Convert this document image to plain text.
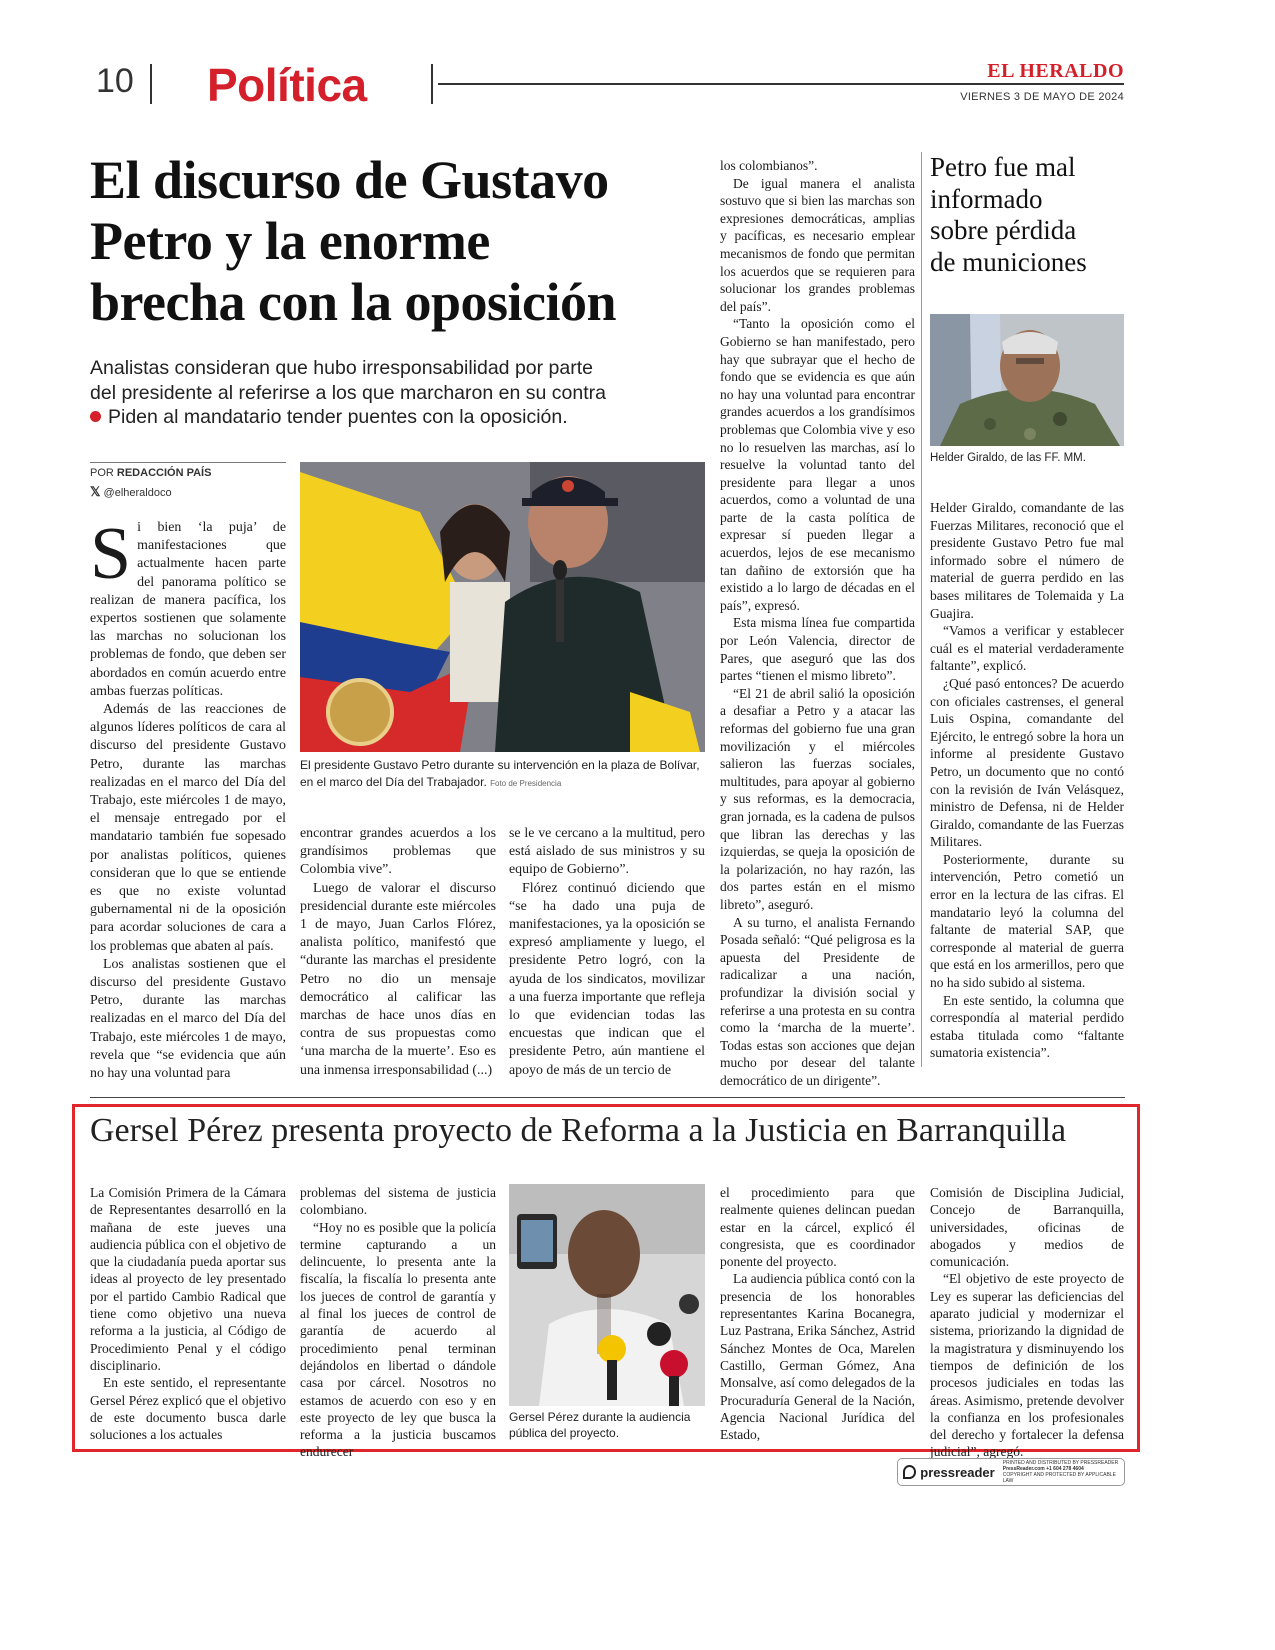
10 Política	EL HERALDO
VIERNES 3 DE MAYO DE 2024
El discurso de Gustavo
Petro y la enorme
brecha con la oposición
Analistas consideran que hubo irresponsabilidad por parte
del presidente al referirse a los que marcharon en su contra
Piden al mandatario tender puentes con la oposición.
POR REDACCIÓN PAÍS
𝕏 @elheraldoco
S i bien ‘la puja’ de manifestaciones que actualmente hacen parte del panorama político se realizan de manera pacífica, los expertos sostienen que solamente las marchas no solucionan los problemas de fondo, que deben ser abordados en común acuerdo entre ambas fuerzas políticas.

Además de las reacciones de algunos líderes políticos de cara al discurso del presidente Gustavo Petro, durante las marchas realizadas en el marco del Día del Trabajo, este miércoles 1 de mayo, el mensaje entregado por el mandatario también fue sopesado por analistas políticos, quienes consideran que lo que se entiende es que no existe voluntad gubernamental ni de la oposición para acordar soluciones de cara a los problemas que abaten al país.

Los analistas sostienen que el discurso del presidente Gustavo Petro, durante las marchas realizadas en el marco del Día del Trabajo, este miércoles 1 de mayo, revela que “se evidencia que aún no hay una voluntad para

El presidente Gustavo Petro durante su intervención en la plaza de Bolívar, en el marco del Día del Trabajador. Foto de Presidencia

encontrar grandes acuerdos a los grandísimos problemas que Colombia vive”.

Luego de valorar el discurso presidencial durante este miércoles 1 de mayo, Juan Carlos Flórez, analista político, manifestó que “durante las marchas el presidente Petro no dio un mensaje democrático al calificar las marchas de hace unos días en contra de sus propuestas como ‘una marcha de la muerte’. Eso es una inmensa irresponsabilidad (...)

se le ve cercano a la multitud, pero está aislado de sus ministros y su equipo de Gobierno”.

Flórez continuó diciendo que “se ha dado una puja de manifestaciones, ya la oposición se expresó ampliamente y luego, el presidente Petro logró, con la ayuda de los sindicatos, movilizar a una fuerza importante que refleja lo que evidencian todas las encuestas que indican que el presidente Petro, aún mantiene el apoyo de más de un tercio de

los colombianos”.

De igual manera el analista sostuvo que si bien las marchas son expresiones democráticas, amplias y pacíficas, es necesario emplear mecanismos de fondo que permitan los acuerdos que se requieren para solucionar los grandes problemas del país”.

“Tanto la oposición como el Gobierno se han manifestado, pero hay que subrayar que el hecho de fondo que se evidencia es que aún no hay una voluntad para encontrar grandes acuerdos a los grandísimos problemas que Colombia vive y eso no lo resuelven las marchas, así lo resuelve la voluntad tanto del presidente para llegar a unos acuerdos, como a voluntad de una parte de la casta política de expresar sí pueden llegar a acuerdos, lejos de ese mecanismo tan dañino de extorsión que ha existido a lo largo de décadas en el país”, expresó.

Esta misma línea fue compartida por León Valencia, director de Pares, que aseguró que las dos partes “tienen el mismo libreto”.

“El 21 de abril salió la oposición a desafiar a Petro y a atacar las reformas del gobierno fue una gran movilización y el miércoles salieron las fuerzas sociales, multitudes, para apoyar al gobierno y sus reformas, es la democracia, gran jornada, es la cadena de pulsos que libran las derechas y las izquierdas, se queja la oposición de la polarización, no hay razón, las dos partes están en el mismo libreto”, aseguró.

A su turno, el analista Fernando Posada señaló: “Qué peligrosa es la apuesta del Presidente de radicalizar a una nación, profundizar la división social y referirse a una protesta en su contra como la ‘marcha de la muerte’. Todas estas son acciones que dejan mucho por desear del talante democrático de un dirigente”.

Petro fue mal
informado
sobre pérdida
de municiones
Helder Giraldo, de las FF. MM.

Helder Giraldo, comandante de las Fuerzas Militares, reconoció que el presidente Gustavo Petro fue mal informado sobre el número de material de guerra perdido en las bases militares de Tolemaida y La Guajira.

“Vamos a verificar y establecer cuál es el material verdaderamente faltante”, explicó.

¿Qué pasó entonces? De acuerdo con oficiales castrenses, el general Luis Ospina, comandante del Ejército, le entregó sobre la hora un informe al presidente Gustavo Petro, un documento que no contó con la revisión de Iván Velásquez, ministro de Defensa, ni de Helder Giraldo, comandante de las Fuerzas Militares.

Posteriormente, durante su intervención, Petro cometió un error en la lectura de las cifras. El mandatario leyó la columna del faltante de material SAP, que corresponde al material de guerra que está en los armerillos, pero que no ha sido subido al sistema.

En este sentido, la columna que correspondía al material perdido estaba titulada como “faltante sumatoria existencia”.

Gersel Pérez presenta proyecto de Reforma a la Justicia en Barranquilla

La Comisión Primera de la Cámara de Representantes desarrolló en la mañana de este jueves una audiencia pública con el objetivo de que la ciudadanía pueda aportar sus ideas al proyecto de ley presentado por el partido Cambio Radical que tiene como objetivo una nueva reforma a la justicia, al Código de Procedimiento Penal y el código disciplinario.

En este sentido, el representante Gersel Pérez explicó que el objetivo de este documento busca darle soluciones a los actuales

problemas del sistema de justicia colombiano.

“Hoy no es posible que la policía termine capturando a un delincuente, lo presenta ante la fiscalía, la fiscalía lo presenta ante los jueces de control de garantía y al final los jueces de control de garantía de acuerdo al procedimiento penal terminan dejándolos en libertad o dándole casa por cárcel. Nosotros no estamos de acuerdo con eso y en este proyecto de ley que busca la reforma a la justicia buscamos endurecer

Gersel Pérez durante la audiencia pública del proyecto.

el procedimiento para que realmente quienes delincan puedan estar en la cárcel, explicó él congresista, que es coordinador ponente del proyecto.

La audiencia pública contó con la presencia de los honorables representantes Karina Bocanegra, Luz Pastrana, Erika Sánchez, Astrid Sánchez Montes de Oca, Marelen Castillo, German Gómez, Ana Monsalve, así como delegados de la Procuraduría General de la Nación, Agencia Nacional Jurídica del Estado,

Comisión de Disciplina Judicial, Concejo de Barranquilla, universidades, oficinas de abogados y medios de comunicación.

“El objetivo de este proyecto de Ley es superar las deficiencias del aparato judicial y modernizar el sistema, priorizando la dignidad de la magistratura y disminuyendo los tiempos de definición de los procesos judiciales en todas las áreas. Asimismo, pretende devolver la confianza en los profesionales del derecho y fortalecer la defensa judicial”, agregó.

pressreader
PRINTED AND DISTRIBUTED BY PRESSREADER
PressReader.com +1 604 278 4604
COPYRIGHT AND PROTECTED BY APPLICABLE LAW
